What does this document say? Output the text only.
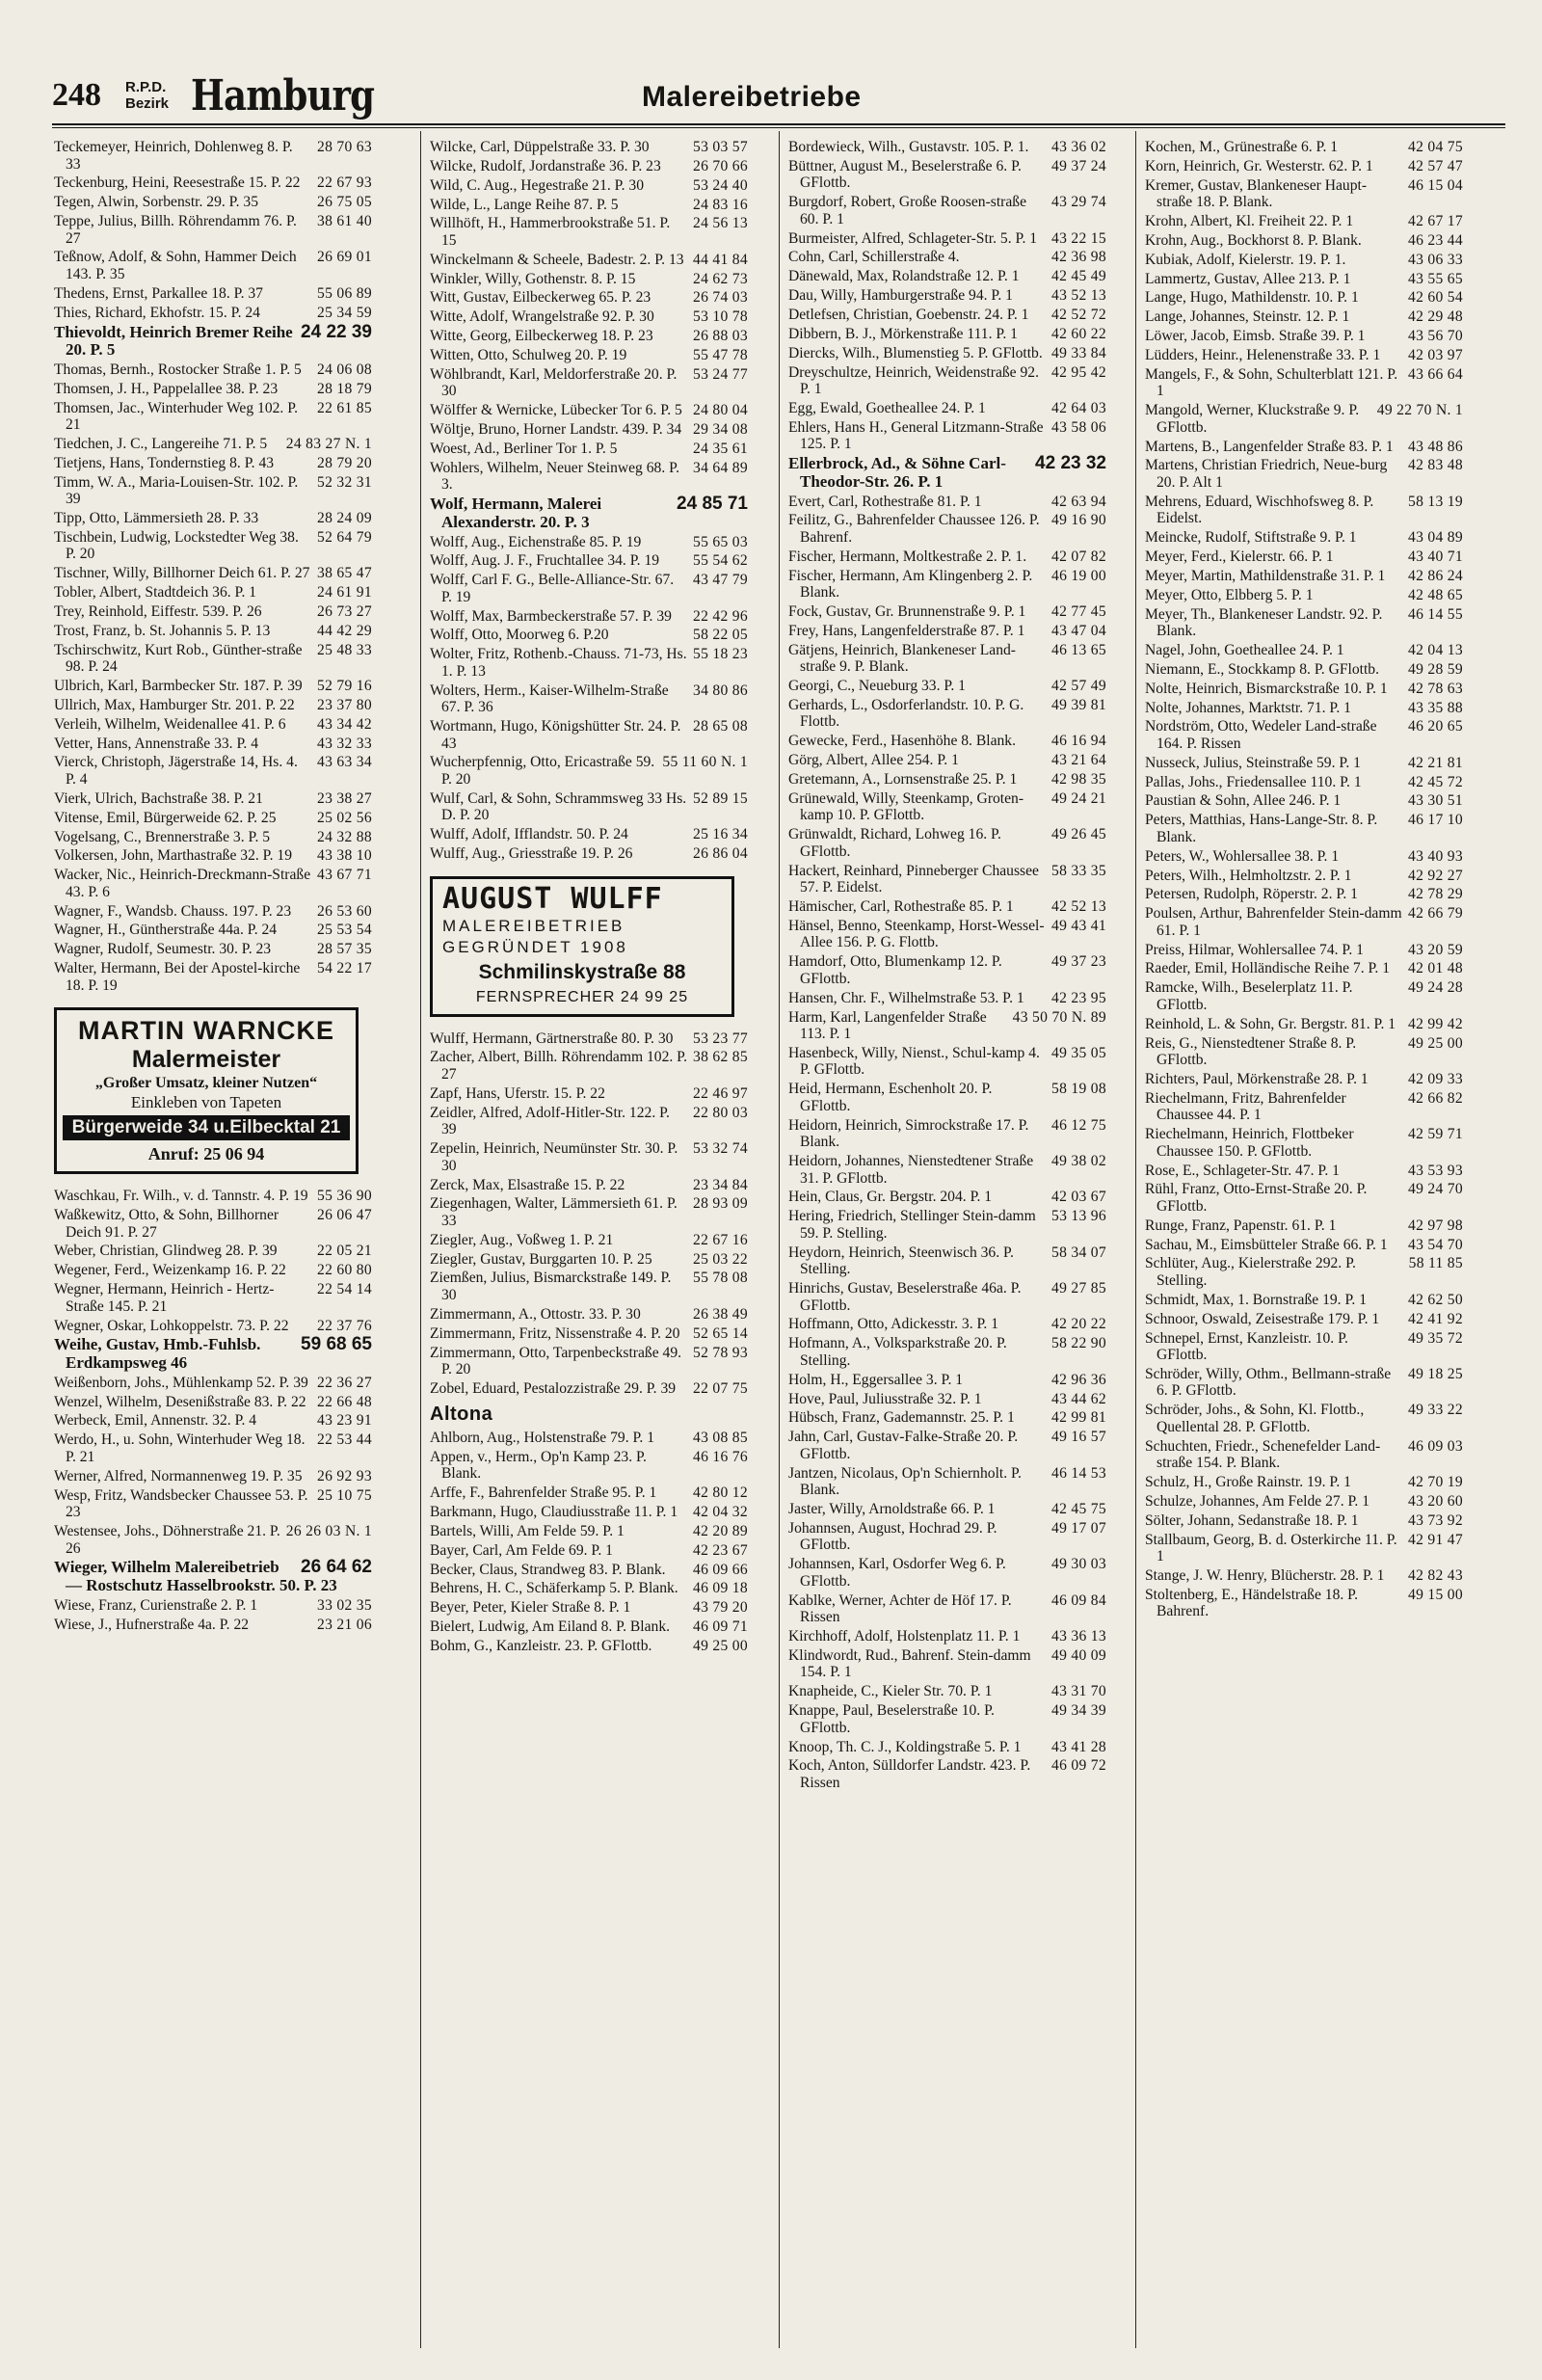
248 R.P.D.
Bezirk Hamburg	Malereibetriebe
28 70 63
Teckemeyer, Heinrich, Dohlenweg 8. P. 33
22 67 93
Teckenburg, Heini, Reesestraße 15. P. 22
26 75 05
Tegen, Alwin, Sorbenstr. 29. P. 35
38 61 40
Teppe, Julius, Billh. Röhrendamm 76. P. 27
26 69 01
Teßnow, Adolf, & Sohn, Hammer Deich 143. P. 35
55 06 89
Thedens, Ernst, Parkallee 18. P. 37
25 34 59
Thies, Richard, Ekhofstr. 15. P. 24
24 22 39
Thievoldt, Heinrich Bremer Reihe 20. P. 5
24 06 08
Thomas, Bernh., Rostocker Straße 1. P. 5
28 18 79
Thomsen, J. H., Pappelallee 38. P. 23
22 61 85
Thomsen, Jac., Winterhuder Weg 102. P. 21
24 83 27 N. 1
Tiedchen, J. C., Langereihe 71. P. 5
28 79 20
Tietjens, Hans, Tondernstieg 8. P. 43
52 32 31
Timm, W. A., Maria-Louisen-Str. 102. P. 39
28 24 09
Tipp, Otto, Lämmersieth 28. P. 33
52 64 79
Tischbein, Ludwig, Lockstedter Weg 38. P. 20
38 65 47
Tischner, Willy, Billhorner Deich 61. P. 27
24 61 91
Tobler, Albert, Stadtdeich 36. P. 1
26 73 27
Trey, Reinhold, Eiffestr. 539. P. 26
44 42 29
Trost, Franz, b. St. Johannis 5. P. 13
25 48 33
Tschirschwitz, Kurt Rob., Günther-straße 98. P. 24
52 79 16
Ulbrich, Karl, Barmbecker Str. 187. P. 39
23 37 80
Ullrich, Max, Hamburger Str. 201. P. 22
43 34 42
Verleih, Wilhelm, Weidenallee 41. P. 6
43 32 33
Vetter, Hans, Annenstraße 33. P. 4
43 63 34
Vierck, Christoph, Jägerstraße 14, Hs. 4. P. 4
23 38 27
Vierk, Ulrich, Bachstraße 38. P. 21
25 02 56
Vitense, Emil, Bürgerweide 62. P. 25
24 32 88
Vogelsang, C., Brennerstraße 3. P. 5
43 38 10
Volkersen, John, Marthastraße 32. P. 19
43 67 71
Wacker, Nic., Heinrich-Dreckmann-Straße 43. P. 6
26 53 60
Wagner, F., Wandsb. Chauss. 197. P. 23
25 53 54
Wagner, H., Güntherstraße 44a. P. 24
28 57 35
Wagner, Rudolf, Seumestr. 30. P. 23
54 22 17
Walter, Hermann, Bei der Apostel-kirche 18. P. 19
MARTIN WARNCKE
Malermeister
„Großer Umsatz, kleiner Nutzen“
Einkleben von Tapeten
Bürgerweide 34 u.Eilbecktal 21
Anruf: 25 06 94
55 36 90
Waschkau, Fr. Wilh., v. d. Tannstr. 4. P. 19
26 06 47
Waßkewitz, Otto, & Sohn, Billhorner Deich 91. P. 27
22 05 21
Weber, Christian, Glindweg 28. P. 39
22 60 80
Wegener, Ferd., Weizenkamp 16. P. 22
22 54 14
Wegner, Hermann, Heinrich - Hertz-Straße 145. P. 21
22 37 76
Wegner, Oskar, Lohkoppelstr. 73. P. 22
59 68 65
Weihe, Gustav, Hmb.-Fuhlsb. Erdkampsweg 46
22 36 27
Weißenborn, Johs., Mühlenkamp 52. P. 39
22 66 48
Wenzel, Wilhelm, Desenißstraße 83. P. 22
43 23 91
Werbeck, Emil, Annenstr. 32. P. 4
22 53 44
Werdo, H., u. Sohn, Winterhuder Weg 18. P. 21
26 92 93
Werner, Alfred, Normannenweg 19. P. 35
25 10 75
Wesp, Fritz, Wandsbecker Chaussee 53. P. 23
26 26 03 N. 1
Westensee, Johs., Döhnerstraße 21. P. 26
26 64 62
Wieger, Wilhelm Malereibetrieb — Rostschutz Hasselbrookstr. 50. P. 23
33 02 35
Wiese, Franz, Curienstraße 2. P. 1
23 21 06
Wiese, J., Hufnerstraße 4a. P. 22
53 03 57
Wilcke, Carl, Düppelstraße 33. P. 30
26 70 66
Wilcke, Rudolf, Jordanstraße 36. P. 23
53 24 40
Wild, C. Aug., Hegestraße 21. P. 30
24 83 16
Wilde, L., Lange Reihe 87. P. 5
24 56 13
Willhöft, H., Hammerbrookstraße 51. P. 15
44 41 84
Winckelmann & Scheele, Badestr. 2. P. 13
24 62 73
Winkler, Willy, Gothenstr. 8. P. 15
26 74 03
Witt, Gustav, Eilbeckerweg 65. P. 23
53 10 78
Witte, Adolf, Wrangelstraße 92. P. 30
26 88 03
Witte, Georg, Eilbeckerweg 18. P. 23
55 47 78
Witten, Otto, Schulweg 20. P. 19
53 24 77
Wöhlbrandt, Karl, Meldorferstraße 20. P. 30
24 80 04
Wölffer & Wernicke, Lübecker Tor 6. P. 5
29 34 08
Wöltje, Bruno, Horner Landstr. 439. P. 34
24 35 61
Woest, Ad., Berliner Tor 1. P. 5
34 64 89
Wohlers, Wilhelm, Neuer Steinweg 68. P. 3.
24 85 71
Wolf, Hermann, Malerei Alexanderstr. 20. P. 3
55 65 03
Wolff, Aug., Eichenstraße 85. P. 19
55 54 62
Wolff, Aug. J. F., Fruchtallee 34. P. 19
43 47 79
Wolff, Carl F. G., Belle-Alliance-Str. 67. P. 19
22 42 96
Wolff, Max, Barmbeckerstraße 57. P. 39
58 22 05
Wolff, Otto, Moorweg 6. P.20
55 18 23
Wolter, Fritz, Rothenb.-Chauss. 71-73, Hs. 1. P. 13
34 80 86
Wolters, Herm., Kaiser-Wilhelm-Straße 67. P. 36
28 65 08
Wortmann, Hugo, Königshütter Str. 24. P. 43
55 11 60 N. 1
Wucherpfennig, Otto, Ericastraße 59. P. 20
52 89 15
Wulf, Carl, & Sohn, Schrammsweg 33 Hs. D. P. 20
25 16 34
Wulff, Adolf, Ifflandstr. 50. P. 24
26 86 04
Wulff, Aug., Griesstraße 19. P. 26
AUGUST WULFF
MALEREIBETRIEB
GEGRÜNDET 1908
Schmilinskystraße 88
FERNSPRECHER 24 99 25
53 23 77
Wulff, Hermann, Gärtnerstraße 80. P. 30
38 62 85
Zacher, Albert, Billh. Röhrendamm 102. P. 27
22 46 97
Zapf, Hans, Uferstr. 15. P. 22
22 80 03
Zeidler, Alfred, Adolf-Hitler-Str. 122. P. 39
53 32 74
Zepelin, Heinrich, Neumünster Str. 30. P. 30
23 34 84
Zerck, Max, Elsastraße 15. P. 22
28 93 09
Ziegenhagen, Walter, Lämmersieth 61. P. 33
22 67 16
Ziegler, Aug., Voßweg 1. P. 21
25 03 22
Ziegler, Gustav, Burggarten 10. P. 25
55 78 08
Ziemßen, Julius, Bismarckstraße 149. P. 30
26 38 49
Zimmermann, A., Ottostr. 33. P. 30
52 65 14
Zimmermann, Fritz, Nissenstraße 4. P. 20
52 78 93
Zimmermann, Otto, Tarpenbeckstraße 49. P. 20
22 07 75
Zobel, Eduard, Pestalozzistraße 29. P. 39
Altona
43 08 85
Ahlborn, Aug., Holstenstraße 79. P. 1
46 16 76
Appen, v., Herm., Op'n Kamp 23. P. Blank.
42 80 12
Arffe, F., Bahrenfelder Straße 95. P. 1
42 04 32
Barkmann, Hugo, Claudiusstraße 11. P. 1
42 20 89
Bartels, Willi, Am Felde 59. P. 1
42 23 67
Bayer, Carl, Am Felde 69. P. 1
46 09 66
Becker, Claus, Strandweg 83. P. Blank.
46 09 18
Behrens, H. C., Schäferkamp 5. P. Blank.
43 79 20
Beyer, Peter, Kieler Straße 8. P. 1
46 09 71
Bielert, Ludwig, Am Eiland 8. P. Blank.
49 25 00
Bohm, G., Kanzleistr. 23. P. GFlottb.
43 36 02
Bordewieck, Wilh., Gustavstr. 105. P. 1.
49 37 24
Büttner, August M., Beselerstraße 6. P. GFlottb.
43 29 74
Burgdorf, Robert, Große Roosen-straße 60. P. 1
43 22 15
Burmeister, Alfred, Schlageter-Str. 5. P. 1
42 36 98
Cohn, Carl, Schillerstraße 4.
42 45 49
Dänewald, Max, Rolandstraße 12. P. 1
43 52 13
Dau, Willy, Hamburgerstraße 94. P. 1
42 52 72
Detlefsen, Christian, Goebenstr. 24. P. 1
42 60 22
Dibbern, B. J., Mörkenstraße 111. P. 1
49 33 84
Diercks, Wilh., Blumenstieg 5. P. GFlottb.
42 95 42
Dreyschultze, Heinrich, Weidenstraße 92. P. 1
42 64 03
Egg, Ewald, Goetheallee 24. P. 1
43 58 06
Ehlers, Hans H., General Litzmann-Straße 125. P. 1
42 23 32
Ellerbrock, Ad., & Söhne Carl-Theodor-Str. 26. P. 1
42 63 94
Evert, Carl, Rothestraße 81. P. 1
49 16 90
Feilitz, G., Bahrenfelder Chaussee 126. P. Bahrenf.
42 07 82
Fischer, Hermann, Moltkestraße 2. P. 1.
46 19 00
Fischer, Hermann, Am Klingenberg 2. P. Blank.
42 77 45
Fock, Gustav, Gr. Brunnenstraße 9. P. 1
43 47 04
Frey, Hans, Langenfelderstraße 87. P. 1
46 13 65
Gätjens, Heinrich, Blankeneser Land-straße 9. P. Blank.
42 57 49
Georgi, C., Neueburg 33. P. 1
49 39 81
Gerhards, L., Osdorferlandstr. 10. P. G. Flottb.
46 16 94
Gewecke, Ferd., Hasenhöhe 8. Blank.
43 21 64
Görg, Albert, Allee 254. P. 1
42 98 35
Gretemann, A., Lornsenstraße 25. P. 1
49 24 21
Grünewald, Willy, Steenkamp, Groten-kamp 10. P. GFlottb.
49 26 45
Grünwaldt, Richard, Lohweg 16. P. GFlottb.
58 33 35
Hackert, Reinhard, Pinneberger Chaussee 57. P. Eidelst.
42 52 13
Hämischer, Carl, Rothestraße 85. P. 1
49 43 41
Hänsel, Benno, Steenkamp, Horst-Wessel-Allee 156. P. G. Flottb.
49 37 23
Hamdorf, Otto, Blumenkamp 12. P. GFlottb.
42 23 95
Hansen, Chr. F., Wilhelmstraße 53. P. 1
43 50 70 N. 89
Harm, Karl, Langenfelder Straße 113. P. 1
49 35 05
Hasenbeck, Willy, Nienst., Schul-kamp 4. P. GFlottb.
58 19 08
Heid, Hermann, Eschenholt 20. P. GFlottb.
46 12 75
Heidorn, Heinrich, Simrockstraße 17. P. Blank.
49 38 02
Heidorn, Johannes, Nienstedtener Straße 31. P. GFlottb.
42 03 67
Hein, Claus, Gr. Bergstr. 204. P. 1
53 13 96
Hering, Friedrich, Stellinger Stein-damm 59. P. Stelling.
58 34 07
Heydorn, Heinrich, Steenwisch 36. P. Stelling.
49 27 85
Hinrichs, Gustav, Beselerstraße 46a. P. GFlottb.
42 20 22
Hoffmann, Otto, Adickesstr. 3. P. 1
58 22 90
Hofmann, A., Volksparkstraße 20. P. Stelling.
42 96 36
Holm, H., Eggersallee 3. P. 1
43 44 62
Hove, Paul, Juliusstraße 32. P. 1
42 99 81
Hübsch, Franz, Gademannstr. 25. P. 1
49 16 57
Jahn, Carl, Gustav-Falke-Straße 20. P. GFlottb.
46 14 53
Jantzen, Nicolaus, Op'n Schiernholt. P. Blank.
42 45 75
Jaster, Willy, Arnoldstraße 66. P. 1
49 17 07
Johannsen, August, Hochrad 29. P. GFlottb.
49 30 03
Johannsen, Karl, Osdorfer Weg 6. P. GFlottb.
46 09 84
Kablke, Werner, Achter de Höf 17. P. Rissen
43 36 13
Kirchhoff, Adolf, Holstenplatz 11. P. 1
49 40 09
Klindwordt, Rud., Bahrenf. Stein-damm 154. P. 1
43 31 70
Knapheide, C., Kieler Str. 70. P. 1
49 34 39
Knappe, Paul, Beselerstraße 10. P. GFlottb.
43 41 28
Knoop, Th. C. J., Koldingstraße 5. P. 1
46 09 72
Koch, Anton, Sülldorfer Landstr. 423. P. Rissen
42 04 75
Kochen, M., Grünestraße 6. P. 1
42 57 47
Korn, Heinrich, Gr. Westerstr. 62. P. 1
46 15 04
Kremer, Gustav, Blankeneser Haupt-straße 18. P. Blank.
42 67 17
Krohn, Albert, Kl. Freiheit 22. P. 1
46 23 44
Krohn, Aug., Bockhorst 8. P. Blank.
43 06 33
Kubiak, Adolf, Kielerstr. 19. P. 1.
43 55 65
Lammertz, Gustav, Allee 213. P. 1
42 60 54
Lange, Hugo, Mathildenstr. 10. P. 1
42 29 48
Lange, Johannes, Steinstr. 12. P. 1
43 56 70
Löwer, Jacob, Eimsb. Straße 39. P. 1
42 03 97
Lüdders, Heinr., Helenenstraße 33. P. 1
43 66 64
Mangels, F., & Sohn, Schulterblatt 121. P. 1
49 22 70 N. 1
Mangold, Werner, Kluckstraße 9. P. GFlottb.
43 48 86
Martens, B., Langenfelder Straße 83. P. 1
42 83 48
Martens, Christian Friedrich, Neue-burg 20. P. Alt 1
58 13 19
Mehrens, Eduard, Wischhofsweg 8. P. Eidelst.
43 04 89
Meincke, Rudolf, Stiftstraße 9. P. 1
43 40 71
Meyer, Ferd., Kielerstr. 66. P. 1
42 86 24
Meyer, Martin, Mathildenstraße 31. P. 1
42 48 65
Meyer, Otto, Elbberg 5. P. 1
46 14 55
Meyer, Th., Blankeneser Landstr. 92. P. Blank.
42 04 13
Nagel, John, Goetheallee 24. P. 1
49 28 59
Niemann, E., Stockkamp 8. P. GFlottb.
42 78 63
Nolte, Heinrich, Bismarckstraße 10. P. 1
43 35 88
Nolte, Johannes, Marktstr. 71. P. 1
46 20 65
Nordström, Otto, Wedeler Land-straße 164. P. Rissen
42 21 81
Nusseck, Julius, Steinstraße 59. P. 1
42 45 72
Pallas, Johs., Friedensallee 110. P. 1
43 30 51
Paustian & Sohn, Allee 246. P. 1
46 17 10
Peters, Matthias, Hans-Lange-Str. 8. P. Blank.
43 40 93
Peters, W., Wohlersallee 38. P. 1
42 92 27
Peters, Wilh., Helmholtzstr. 2. P. 1
42 78 29
Petersen, Rudolph, Röperstr. 2. P. 1
42 66 79
Poulsen, Arthur, Bahrenfelder Stein-damm 61. P. 1
43 20 59
Preiss, Hilmar, Wohlersallee 74. P. 1
42 01 48
Raeder, Emil, Holländische Reihe 7. P. 1
49 24 28
Ramcke, Wilh., Beselerplatz 11. P. GFlottb.
42 99 42
Reinhold, L. & Sohn, Gr. Bergstr. 81. P. 1
49 25 00
Reis, G., Nienstedtener Straße 8. P. GFlottb.
42 09 33
Richters, Paul, Mörkenstraße 28. P. 1
42 66 82
Riechelmann, Fritz, Bahrenfelder Chaussee 44. P. 1
42 59 71
Riechelmann, Heinrich, Flottbeker Chaussee 150. P. GFlottb.
43 53 93
Rose, E., Schlageter-Str. 47. P. 1
49 24 70
Rühl, Franz, Otto-Ernst-Straße 20. P. GFlottb.
42 97 98
Runge, Franz, Papenstr. 61. P. 1
43 54 70
Sachau, M., Eimsbütteler Straße 66. P. 1
58 11 85
Schlüter, Aug., Kielerstraße 292. P. Stelling.
42 62 50
Schmidt, Max, 1. Bornstraße 19. P. 1
42 41 92
Schnoor, Oswald, Zeisestraße 179. P. 1
49 35 72
Schnepel, Ernst, Kanzleistr. 10. P. GFlottb.
49 18 25
Schröder, Willy, Othm., Bellmann-straße 6. P. GFlottb.
49 33 22
Schröder, Johs., & Sohn, Kl. Flottb., Quellental 28. P. GFlottb.
46 09 03
Schuchten, Friedr., Schenefelder Land-straße 154. P. Blank.
42 70 19
Schulz, H., Große Rainstr. 19. P. 1
43 20 60
Schulze, Johannes, Am Felde 27. P. 1
43 73 92
Sölter, Johann, Sedanstraße 18. P. 1
42 91 47
Stallbaum, Georg, B. d. Osterkirche 11. P. 1
42 82 43
Stange, J. W. Henry, Blücherstr. 28. P. 1
49 15 00
Stoltenberg, E., Händelstraße 18. P. Bahrenf.
